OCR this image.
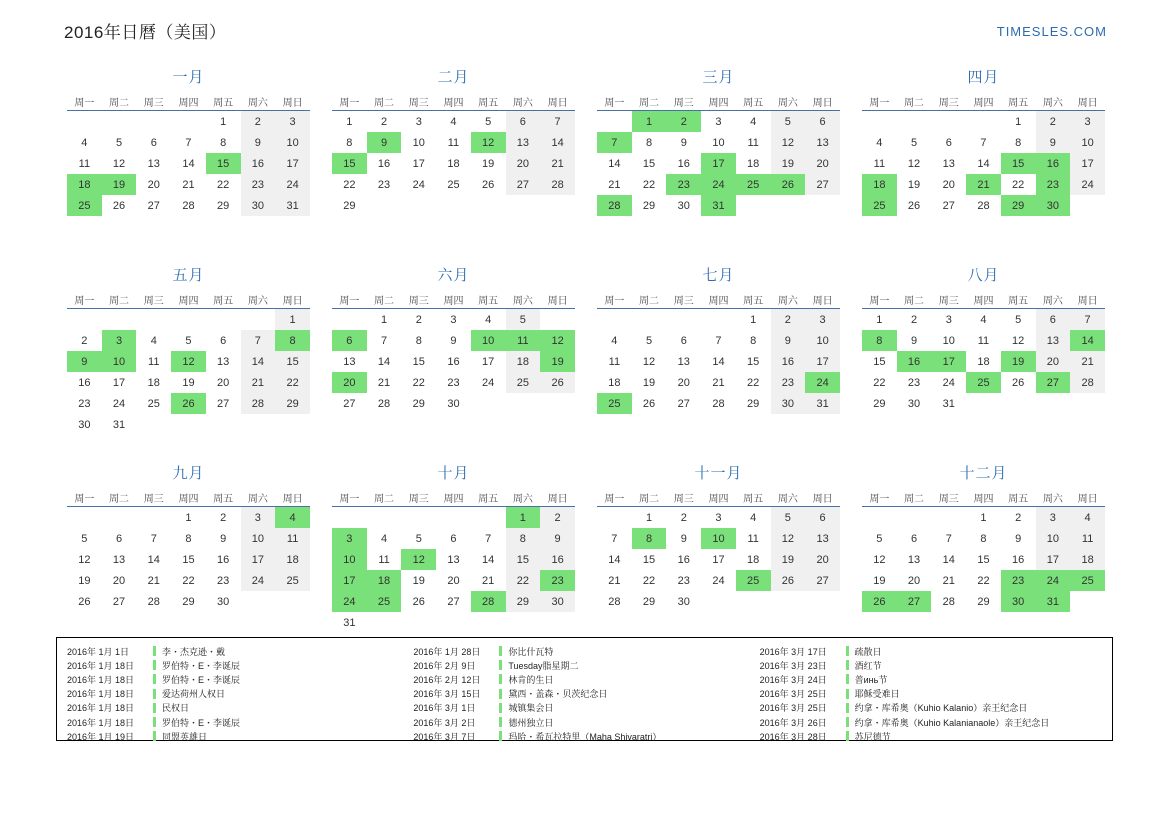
2016年日曆（美国）	TIMESLES.COM
一月
周一	周二	周三	周四	周五	周六	周日
				1	2	3
4	5	6	7	8	9	10
11	12	13	14	15	16	17
18	19	20	21	22	23	24
25	26	27	28	29	30	31
二月
周一	周二	周三	周四	周五	周六	周日
1	2	3	4	5	6	7
8	9	10	11	12	13	14
15	16	17	18	19	20	21
22	23	24	25	26	27	28
29						
三月
周一	周二	周三	周四	周五	周六	周日
	1	2	3	4	5	6
7	8	9	10	11	12	13
14	15	16	17	18	19	20
21	22	23	24	25	26	27
28	29	30	31			
四月
周一	周二	周三	周四	周五	周六	周日
				1	2	3
4	5	6	7	8	9	10
11	12	13	14	15	16	17
18	19	20	21	22	23	24
25	26	27	28	29	30	
五月
周一	周二	周三	周四	周五	周六	周日
						1
2	3	4	5	6	7	8
9	10	11	12	13	14	15
16	17	18	19	20	21	22
23	24	25	26	27	28	29
30	31					
六月
周一	周二	周三	周四	周五	周六	周日
	1	2	3	4	5	
6	7	8	9	10	11	12
13	14	15	16	17	18	19
20	21	22	23	24	25	26
27	28	29	30			
七月
周一	周二	周三	周四	周五	周六	周日
				1	2	3
4	5	6	7	8	9	10
11	12	13	14	15	16	17
18	19	20	21	22	23	24
25	26	27	28	29	30	31
八月
周一	周二	周三	周四	周五	周六	周日
1	2	3	4	5	6	7
8	9	10	11	12	13	14
15	16	17	18	19	20	21
22	23	24	25	26	27	28
29	30	31				
九月
周一	周二	周三	周四	周五	周六	周日
			1	2	3	4
5	6	7	8	9	10	11
12	13	14	15	16	17	18
19	20	21	22	23	24	25
26	27	28	29	30		
十月
周一	周二	周三	周四	周五	周六	周日
					1	2
3	4	5	6	7	8	9
10	11	12	13	14	15	16
17	18	19	20	21	22	23
24	25	26	27	28	29	30
31						
十一月
周一	周二	周三	周四	周五	周六	周日
	1	2	3	4	5	6
7	8	9	10	11	12	13
14	15	16	17	18	19	20
21	22	23	24	25	26	27
28	29	30				
十二月
周一	周二	周三	周四	周五	周六	周日
			1	2	3	4
5	6	7	8	9	10	11
12	13	14	15	16	17	18
19	20	21	22	23	24	25
26	27	28	29	30	31	
2016年 1月 1日	李・杰克逊・戴
2016年 1月 18日	罗伯特・E・李诞辰
2016年 1月 18日	罗伯特・E・李诞辰
2016年 1月 18日	爱达荷州人权日
2016年 1月 18日	民权日
2016年 1月 18日	罗伯特・E・李诞辰
2016年 1月 19日	同盟英雄日
2016年 1月 28日	你比什瓦特
2016年 2月 9日	Tuesday脂星期二
2016年 2月 12日	林肯的生日
2016年 3月 15日	黛西・盖森・贝茨纪念日
2016年 3月 1日	城镇集会日
2016年 3月 2日	德州独立日
2016年 3月 7日	玛哈・希瓦拉特里（Maha Shivaratri）
2016年 3月 17日	疏散日
2016年 3月 23日	酒红节
2016年 3月 24日	普инь节
2016年 3月 25日	耶稣受难日
2016年 3月 25日	约拿・库希奥（Kuhio Kalanio）亲王纪念日
2016年 3月 26日	约拿・库希奥（Kuhio Kalanianaole）亲王纪念日
2016年 3月 28日	苏尼德节
